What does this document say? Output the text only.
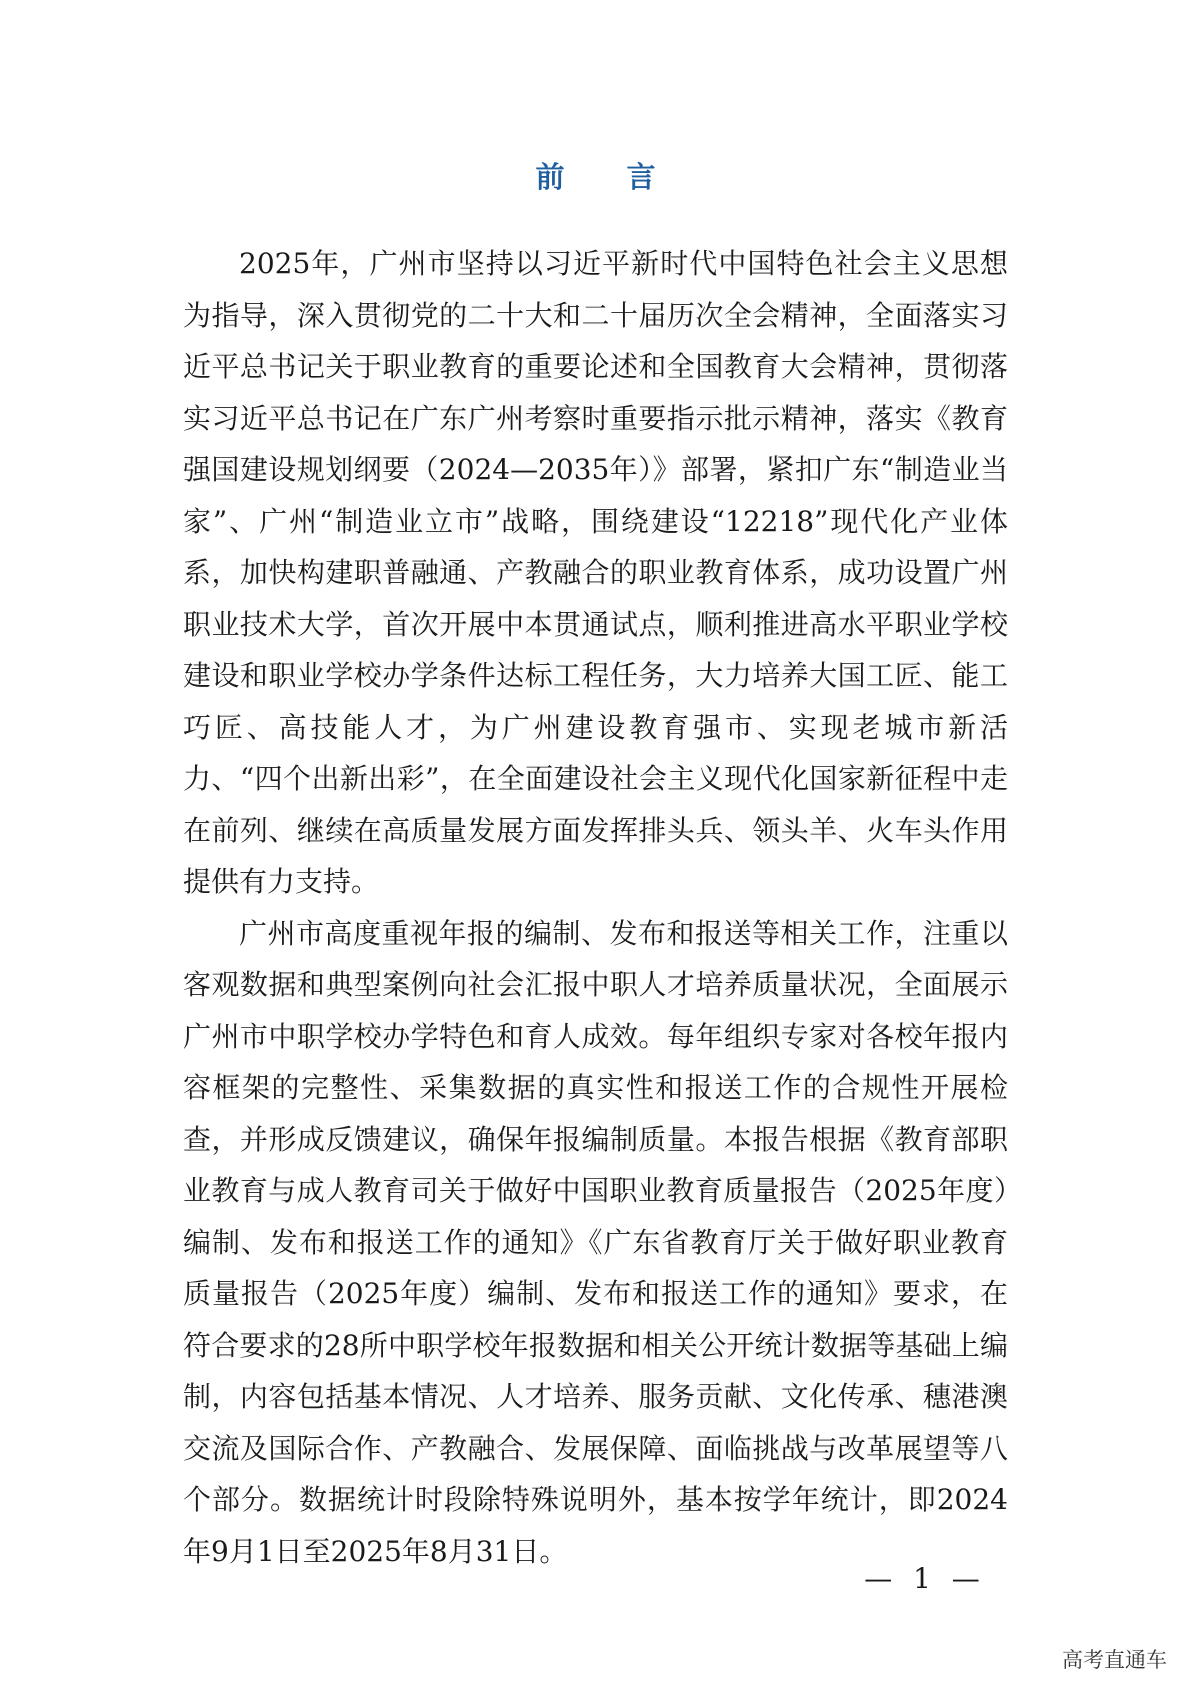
前 言

2025年，广州市坚持以习近平新时代中国特色社会主义思想为指导，深入贯彻党的二十大和二十届历次全会精神，全面落实习近平总书记关于职业教育的重要论述和全国教育大会精神，贯彻落实习近平总书记在广东广州考察时重要指示批示精神，落实《教育强国建设规划纲要（2024—2035年）》部署，紧扣广东“制造业当家”、广州“制造业立市”战略，围绕建设“12218”现代化产业体系，加快构建职普融通、产教融合的职业教育体系，成功设置广州职业技术大学，首次开展中本贯通试点，顺利推进高水平职业学校建设和职业学校办学条件达标工程任务，大力培养大国工匠、能工巧匠、高技能人才，为广州建设教育强市、实现老城市新活力、“四个出新出彩”，在全面建设社会主义现代化国家新征程中走在前列、继续在高质量发展方面发挥排头兵、领头羊、火车头作用提供有力支持。

广州市高度重视年报的编制、发布和报送等相关工作，注重以客观数据和典型案例向社会汇报中职人才培养质量状况，全面展示广州市中职学校办学特色和育人成效。每年组织专家对各校年报内容框架的完整性、采集数据的真实性和报送工作的合规性开展检查，并形成反馈建议，确保年报编制质量。本报告根据《教育部职业教育与成人教育司关于做好中国职业教育质量报告（2025年度）编制、发布和报送工作的通知》《广东省教育厅关于做好职业教育质量报告（2025年度）编制、发布和报送工作的通知》要求，在符合要求的28所中职学校年报数据和相关公开统计数据等基础上编制，内容包括基本情况、人才培养、服务贡献、文化传承、穗港澳交流及国际合作、产教融合、发展保障、面临挑战与改革展望等八个部分。数据统计时段除特殊说明外，基本按学年统计，即2024年9月1日至2025年8月31日。

— 1 —
高考直通车
